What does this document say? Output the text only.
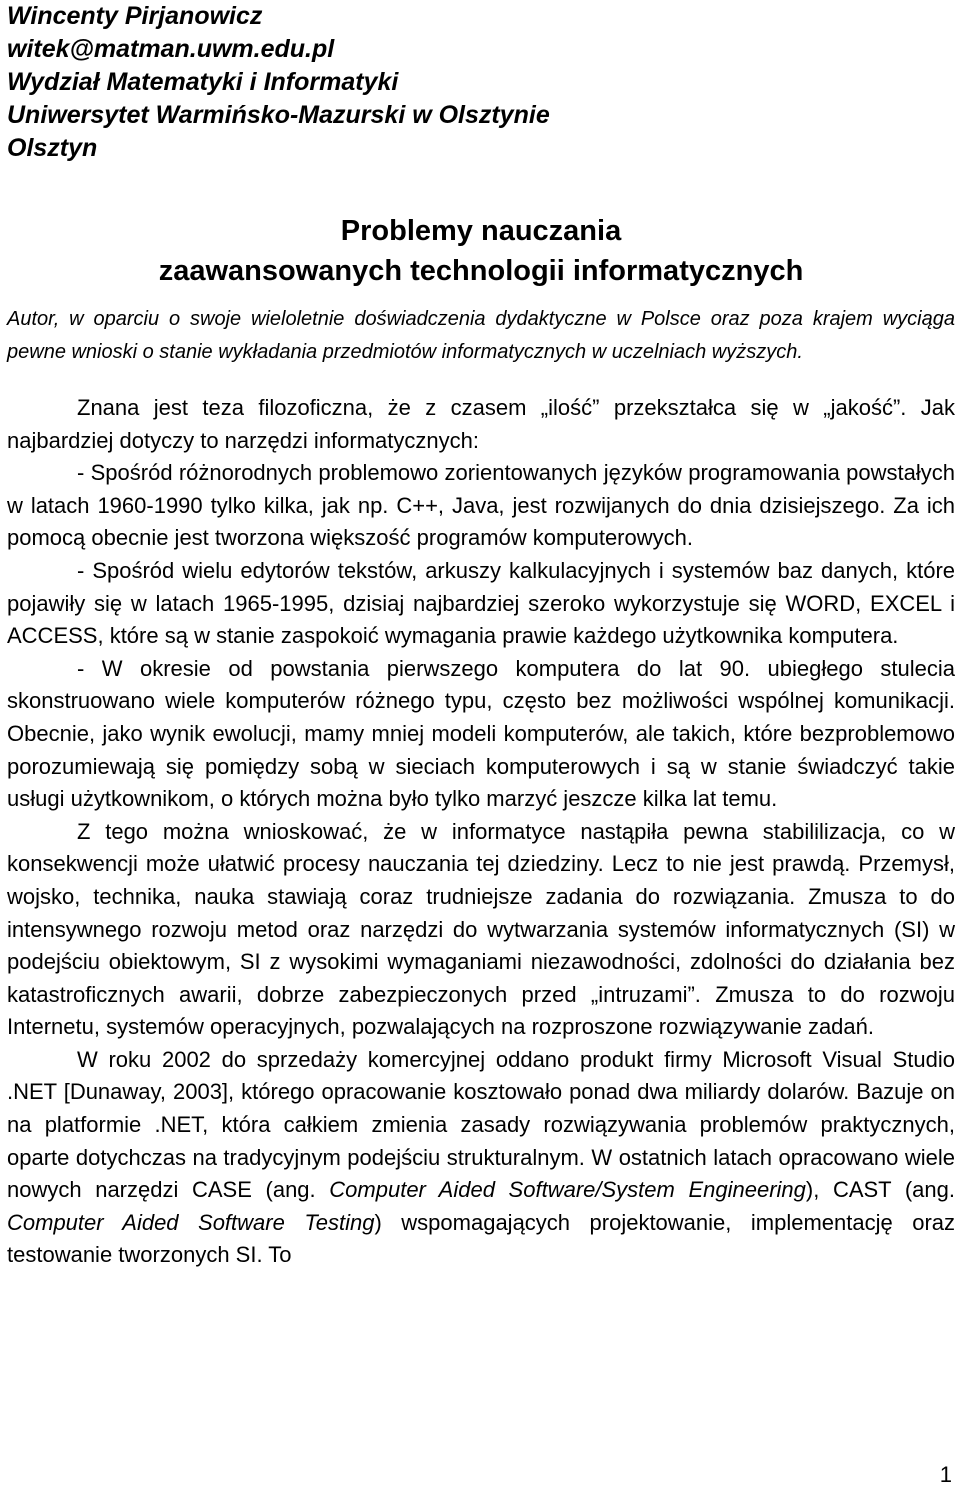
Wincenty Pirjanowicz

witek@matman.uwm.edu.pl

Wydział Matematyki i Informatyki

Uniwersytet Warmińsko-Mazurski w Olsztynie

Olsztyn

Problemy nauczania
zaawansowanych technologii informatycznych

Autor, w oparciu o swoje wieloletnie doświadczenia dydaktyczne w Polsce oraz poza krajem wyciąga pewne wnioski o stanie wykładania przedmiotów informatycznych w uczelniach wyższych.

Znana jest teza filozoficzna, że z czasem „ilość” przekształca się w „jakość”. Jak najbardziej dotyczy to narzędzi informatycznych:

- Spośród różnorodnych problemowo zorientowanych języków programowania powstałych w latach 1960-1990 tylko kilka, jak np. C++, Java, jest rozwijanych do dnia dzisiejszego. Za ich pomocą obecnie jest tworzona większość programów komputerowych.

- Spośród wielu edytorów tekstów, arkuszy kalkulacyjnych i systemów baz danych, które pojawiły się w latach 1965-1995, dzisiaj najbardziej szeroko wykorzystuje się WORD, EXCEL i ACCESS, które są w stanie zaspokoić wymagania prawie każdego użytkownika komputera.

- W okresie od powstania pierwszego komputera do lat 90. ubiegłego stulecia skonstruowano wiele komputerów różnego typu, często bez możliwości wspólnej komunikacji. Obecnie, jako wynik ewolucji, mamy mniej modeli komputerów, ale takich, które bezproblemowo porozumiewają się pomiędzy sobą w sieciach komputerowych i są w stanie świadczyć takie usługi użytkownikom, o których można było tylko marzyć jeszcze kilka lat temu.

Z tego można wnioskować, że w informatyce nastąpiła pewna stabililizacja, co w konsekwencji może ułatwić procesy nauczania tej dziedziny. Lecz to nie jest prawdą. Przemysł, wojsko, technika, nauka stawiają coraz trudniejsze zadania do rozwiązania. Zmusza to do intensywnego rozwoju metod oraz narzędzi do wytwarzania systemów informatycznych (SI) w podejściu obiektowym, SI z wysokimi wymaganiami niezawodności, zdolności do działania bez katastroficznych awarii, dobrze zabezpieczonych przed „intruzami”. Zmusza to do rozwoju Internetu, systemów operacyjnych, pozwalających na rozproszone rozwiązywanie zadań.

W roku 2002 do sprzedaży komercyjnej oddano produkt firmy Microsoft Visual Studio .NET [Dunaway, 2003], którego opracowanie kosztowało ponad dwa miliardy dolarów. Bazuje on na platformie .NET, która całkiem zmienia zasady rozwiązywania problemów praktycznych, oparte dotychczas na tradycyjnym podejściu strukturalnym. W ostatnich latach opracowano wiele nowych narzędzi CASE (ang. Computer Aided Software/System Engineering), CAST (ang. Computer Aided Software Testing) wspomagających projektowanie, implementację oraz testowanie tworzonych SI. To

1
